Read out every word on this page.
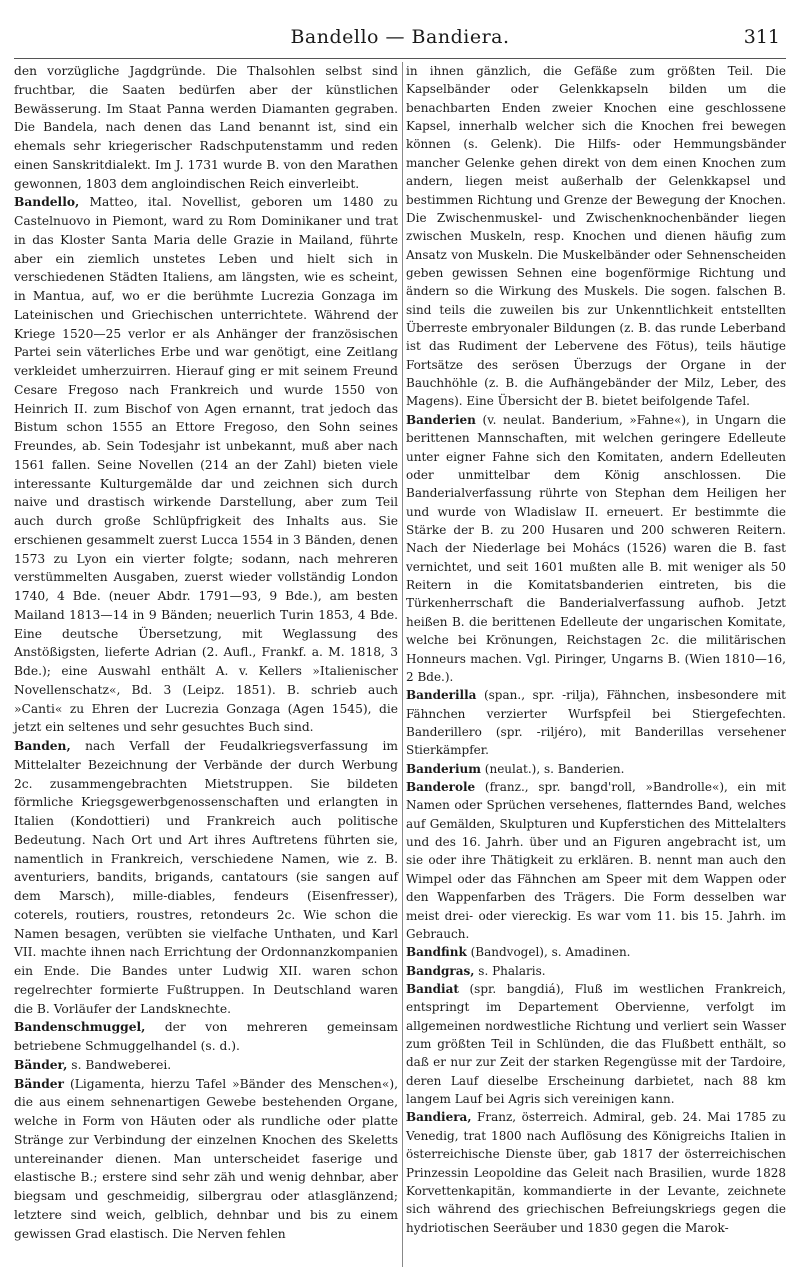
Bandello — Bandiera.	311

den vorzügliche Jagdgründe. Die Thalsohlen selbst sind fruchtbar, die Saaten bedürfen aber der künstlichen Bewässerung. Im Staat Panna werden Diamanten gegraben. Die Bandela, nach denen das Land benannt ist, sind ein ehemals sehr kriegerischer Radschputenstamm und reden einen Sanskritdialekt. Im J. 1731 wurde B. von den Marathen gewonnen, 1803 dem angloindischen Reich einverleibt.

Bandello, Matteo, ital. Novellist, geboren um 1480 zu Castelnuovo in Piemont, ward zu Rom Dominikaner und trat in das Kloster Santa Maria delle Grazie in Mailand, führte aber ein ziemlich unstetes Leben und hielt sich in verschiedenen Städten Italiens, am längsten, wie es scheint, in Mantua, auf, wo er die berühmte Lucrezia Gonzaga im Lateinischen und Griechischen unterrichtete. Während der Kriege 1520—25 verlor er als Anhänger der französischen Partei sein väterliches Erbe und war genötigt, eine Zeitlang verkleidet umherzuirren. Hierauf ging er mit seinem Freund Cesare Fregoso nach Frankreich und wurde 1550 von Heinrich II. zum Bischof von Agen ernannt, trat jedoch das Bistum schon 1555 an Ettore Fregoso, den Sohn seines Freundes, ab. Sein Todesjahr ist unbekannt, muß aber nach 1561 fallen. Seine Novellen (214 an der Zahl) bieten viele interessante Kulturgemälde dar und zeichnen sich durch naive und drastisch wirkende Darstellung, aber zum Teil auch durch große Schlüpfrigkeit des Inhalts aus. Sie erschienen gesammelt zuerst Lucca 1554 in 3 Bänden, denen 1573 zu Lyon ein vierter folgte; sodann, nach mehreren verstümmelten Ausgaben, zuerst wieder vollständig London 1740, 4 Bde. (neuer Abdr. 1791—93, 9 Bde.), am besten Mailand 1813—14 in 9 Bänden; neuerlich Turin 1853, 4 Bde. Eine deutsche Übersetzung, mit Weglassung des Anstößigsten, lieferte Adrian (2. Aufl., Frankf. a. M. 1818, 3 Bde.); eine Auswahl enthält A. v. Kellers »Italienischer Novellenschatz«, Bd. 3 (Leipz. 1851). B. schrieb auch »Canti« zu Ehren der Lucrezia Gonzaga (Agen 1545), die jetzt ein seltenes und sehr gesuchtes Buch sind.

Banden, nach Verfall der Feudalkriegsverfassung im Mittelalter Bezeichnung der Verbände der durch Werbung 2c. zusammengebrachten Mietstruppen. Sie bildeten förmliche Kriegsgewerbgenossenschaften und erlangten in Italien (Kondottieri) und Frankreich auch politische Bedeutung. Nach Ort und Art ihres Auftretens führten sie, namentlich in Frankreich, verschiedene Namen, wie z. B. aventuriers, bandits, brigands, cantatours (sie sangen auf dem Marsch), mille-diables, fendeurs (Eisenfresser), coterels, routiers, roustres, retondeurs 2c. Wie schon die Namen besagen, verübten sie vielfache Unthaten, und Karl VII. machte ihnen nach Errichtung der Ordonnanzkompanien ein Ende. Die Bandes unter Ludwig XII. waren schon regelrechter formierte Fußtruppen. In Deutschland waren die B. Vorläufer der Landsknechte.

Bandenschmuggel, der von mehreren gemeinsam betriebene Schmuggelhandel (s. d.).

Bänder, s. Bandweberei.

Bänder (Ligamenta, hierzu Tafel »Bänder des Menschen«), die aus einem sehnenartigen Gewebe bestehenden Organe, welche in Form von Häuten oder als rundliche oder platte Stränge zur Verbindung der einzelnen Knochen des Skeletts untereinander dienen. Man unterscheidet faserige und elastische B.; erstere sind sehr zäh und wenig dehnbar, aber biegsam und geschmeidig, silbergrau oder atlasglänzend; letztere sind weich, gelblich, dehnbar und bis zu einem gewissen Grad elastisch. Die Nerven fehlen

in ihnen gänzlich, die Gefäße zum größten Teil. Die Kapselbänder oder Gelenkkapseln bilden um die benachbarten Enden zweier Knochen eine geschlossene Kapsel, innerhalb welcher sich die Knochen frei bewegen können (s. Gelenk). Die Hilfs- oder Hemmungsbänder mancher Gelenke gehen direkt von dem einen Knochen zum andern, liegen meist außerhalb der Gelenkkapsel und bestimmen Richtung und Grenze der Bewegung der Knochen. Die Zwischenmuskel- und Zwischenknochenbänder liegen zwischen Muskeln, resp. Knochen und dienen häufig zum Ansatz von Muskeln. Die Muskelbänder oder Sehnenscheiden geben gewissen Sehnen eine bogenförmige Richtung und ändern so die Wirkung des Muskels. Die sogen. falschen B. sind teils die zuweilen bis zur Unkenntlichkeit entstellten Überreste embryonaler Bildungen (z. B. das runde Leberband ist das Rudiment der Lebervene des Fötus), teils häutige Fortsätze des serösen Überzugs der Organe in der Bauchhöhle (z. B. die Aufhängebänder der Milz, Leber, des Magens). Eine Übersicht der B. bietet beifolgende Tafel.

Banderien (v. neulat. Banderium, »Fahne«), in Ungarn die berittenen Mannschaften, mit welchen geringere Edelleute unter eigner Fahne sich den Komitaten, andern Edelleuten oder unmittelbar dem König anschlossen. Die Banderialverfassung rührte von Stephan dem Heiligen her und wurde von Wladislaw II. erneuert. Er bestimmte die Stärke der B. zu 200 Husaren und 200 schweren Reitern. Nach der Niederlage bei Mohács (1526) waren die B. fast vernichtet, und seit 1601 mußten alle B. mit weniger als 50 Reitern in die Komitatsbanderien eintreten, bis die Türkenherrschaft die Banderialverfassung aufhob. Jetzt heißen B. die berittenen Edelleute der ungarischen Komitate, welche bei Krönungen, Reichstagen 2c. die militärischen Honneurs machen. Vgl. Piringer, Ungarns B. (Wien 1810—16, 2 Bde.).

Banderilla (span., spr. -rilja), Fähnchen, insbesondere mit Fähnchen verzierter Wurfspfeil bei Stiergefechten. Banderillero (spr. -riljéro), mit Banderillas versehener Stierkämpfer.

Banderium (neulat.), s. Banderien.

Banderole (franz., spr. bangd'roll, »Bandrolle«), ein mit Namen oder Sprüchen versehenes, flatterndes Band, welches auf Gemälden, Skulpturen und Kupferstichen des Mittelalters und des 16. Jahrh. über und an Figuren angebracht ist, um sie oder ihre Thätigkeit zu erklären. B. nennt man auch den Wimpel oder das Fähnchen am Speer mit dem Wappen oder den Wappenfarben des Trägers. Die Form desselben war meist drei- oder viereckig. Es war vom 11. bis 15. Jahrh. im Gebrauch.

Bandfink (Bandvogel), s. Amadinen.

Bandgras, s. Phalaris.

Bandiat (spr. bangdiá), Fluß im westlichen Frankreich, entspringt im Departement Obervienne, verfolgt im allgemeinen nordwestliche Richtung und verliert sein Wasser zum größten Teil in Schlünden, die das Flußbett enthält, so daß er nur zur Zeit der starken Regengüsse mit der Tardoire, deren Lauf dieselbe Erscheinung darbietet, nach 88 km langem Lauf bei Agris sich vereinigen kann.

Bandiera, Franz, österreich. Admiral, geb. 24. Mai 1785 zu Venedig, trat 1800 nach Auflösung des Königreichs Italien in österreichische Dienste über, gab 1817 der österreichischen Prinzessin Leopoldine das Geleit nach Brasilien, wurde 1828 Korvettenkapitän, kommandierte in der Levante, zeichnete sich während des griechischen Befreiungskriegs gegen die hydriotischen Seeräuber und 1830 gegen die Marok-
